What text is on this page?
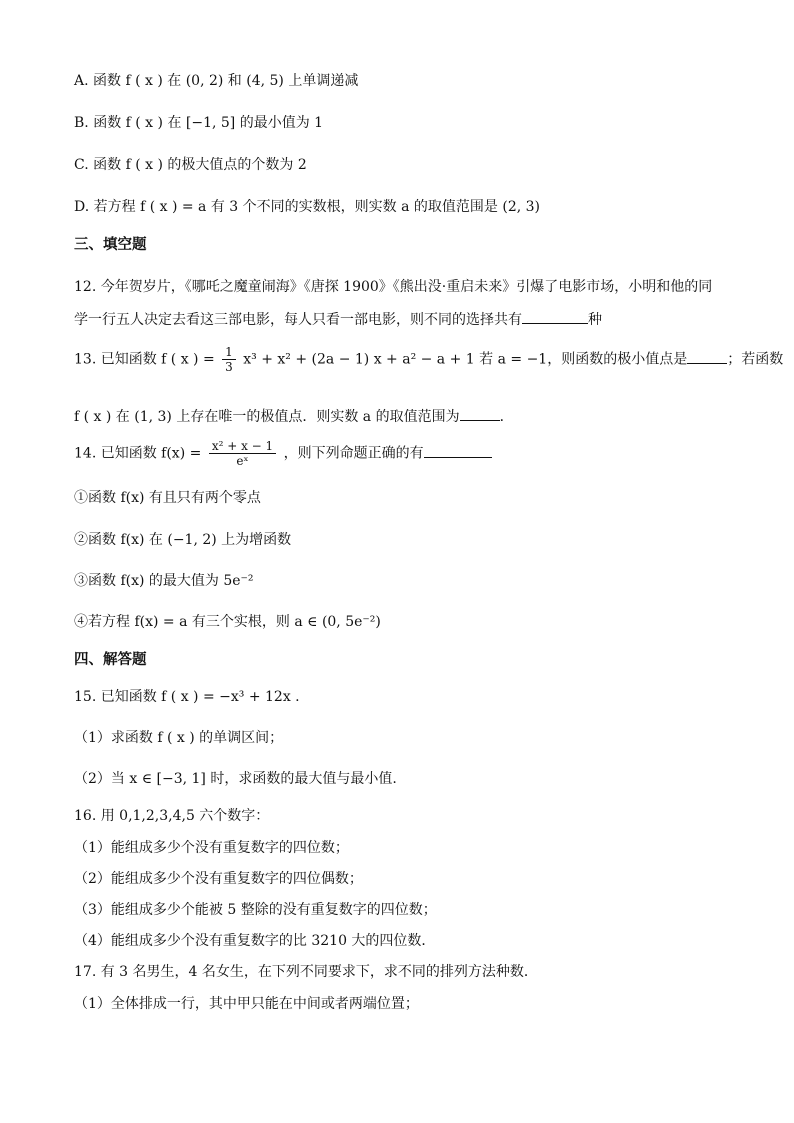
A. 函数 f ( x ) 在 (0, 2) 和 (4, 5) 上单调递减
B. 函数 f ( x ) 在 [−1, 5] 的最小值为 1
C. 函数 f ( x ) 的极大值点的个数为 2
D. 若方程 f ( x ) = a 有 3 个不同的实数根，则实数 a 的取值范围是 (2, 3)
三、填空题
12. 今年贺岁片，《哪吒之魔童闹海》《唐探 1900》《熊出没·重启未来》引爆了电影市场，小明和他的同
学一行五人决定去看这三部电影，每人只看一部电影，则不同的选择共有	种
13. 已知函数 f ( x ) = $\frac{1}{3} x^3 + x^2 + (2a - 1) x + a^2 - a + 1$ 若 a = −1，则函数的极小值点是	；若函数
f ( x ) 在 (1, 3) 上存在唯一的极值点．则实数 a 的取值范围为	．
14. 已知函数 $f(x) = \frac{\text{x² + x − 1}}{\text{eˣ}}$ ，则下列命题正确的有
①函数 f(x) 有且只有两个零点
②函数 f(x) 在 (−1, 2) 上为增函数
③函数 f(x) 的最大值为 5e⁻²
④若方程 f(x) = a 有三个实根，则 a ∈ (0, 5e⁻²)
四、解答题
15. 已知函数 f ( x ) = −x³ + 12x .
（1）求函数 f ( x ) 的单调区间；
（2）当 x ∈ [−3, 1] 时，求函数的最大值与最小值.
16. 用 0,1,2,3,4,5 六个数字：
（1）能组成多少个没有重复数字的四位数；
（2）能组成多少个没有重复数字的四位偶数；
（3）能组成多少个能被 5 整除的没有重复数字的四位数；
（4）能组成多少个没有重复数字的比 3210 大的四位数．
17. 有 3 名男生，4 名女生，在下列不同要求下，求不同的排列方法种数．
（1）全体排成一行，其中甲只能在中间或者两端位置；
